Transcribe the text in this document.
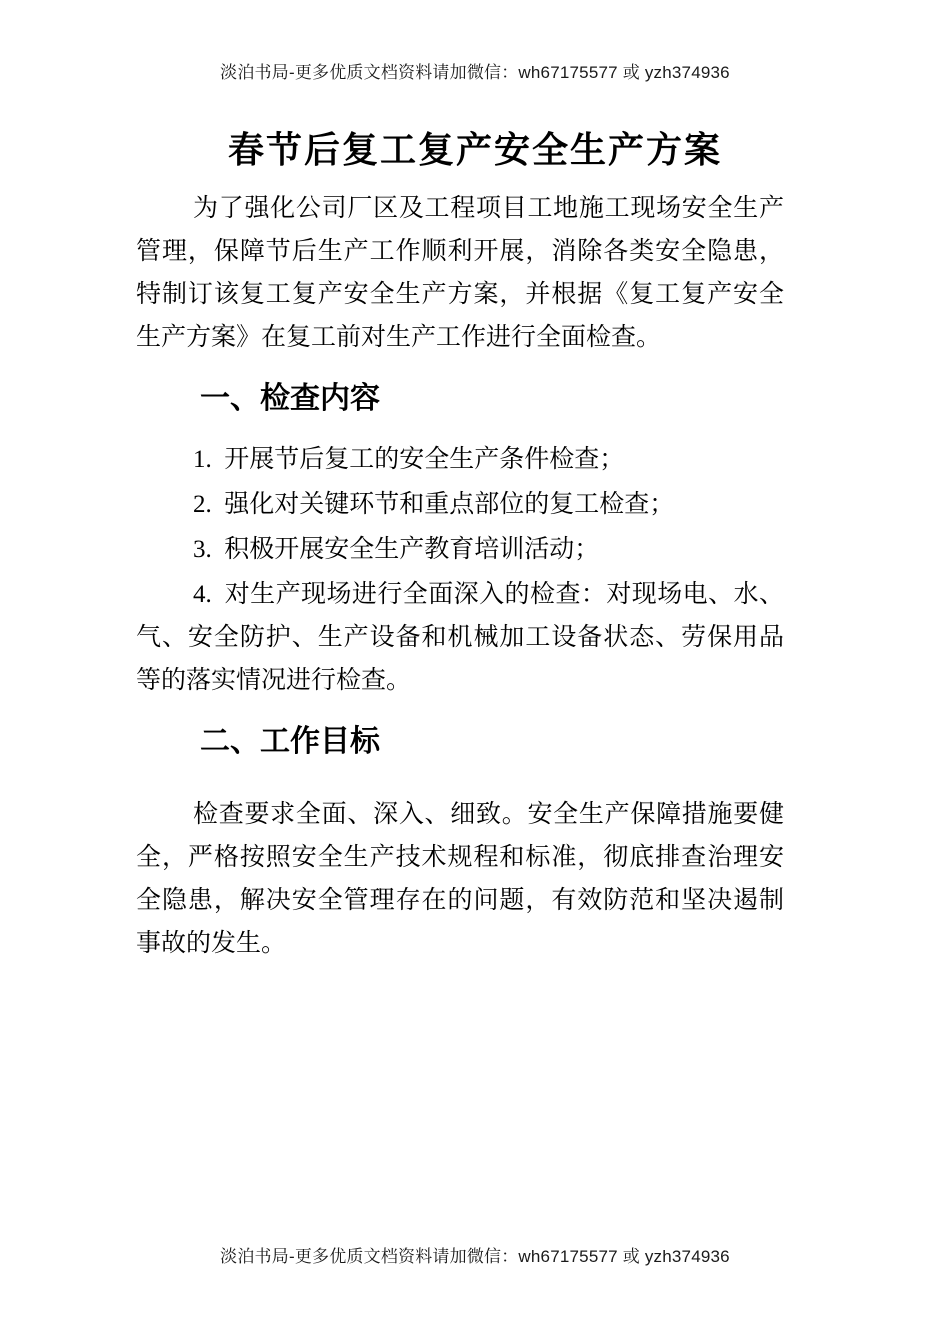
淡泊书局-更多优质文档资料请加微信：wh67175577 或 yzh374936
春节后复工复产安全生产方案

为了强化公司厂区及工程项目工地施工现场安全生产管理，保障节后生产工作顺利开展，消除各类安全隐患，特制订该复工复产安全生产方案，并根据《复工复产安全生产方案》在复工前对生产工作进行全面检查。

一、检查内容

1. 开展节后复工的安全生产条件检查；

2. 强化对关键环节和重点部位的复工检查；

3. 积极开展安全生产教育培训活动；

4. 对生产现场进行全面深入的检查：对现场电、水、气、安全防护、生产设备和机械加工设备状态、劳保用品等的落实情况进行检查。

二、工作目标

检查要求全面、深入、细致。安全生产保障措施要健全，严格按照安全生产技术规程和标准，彻底排查治理安全隐患，解决安全管理存在的问题，有效防范和坚决遏制事故的发生。

淡泊书局-更多优质文档资料请加微信：wh67175577 或 yzh374936
